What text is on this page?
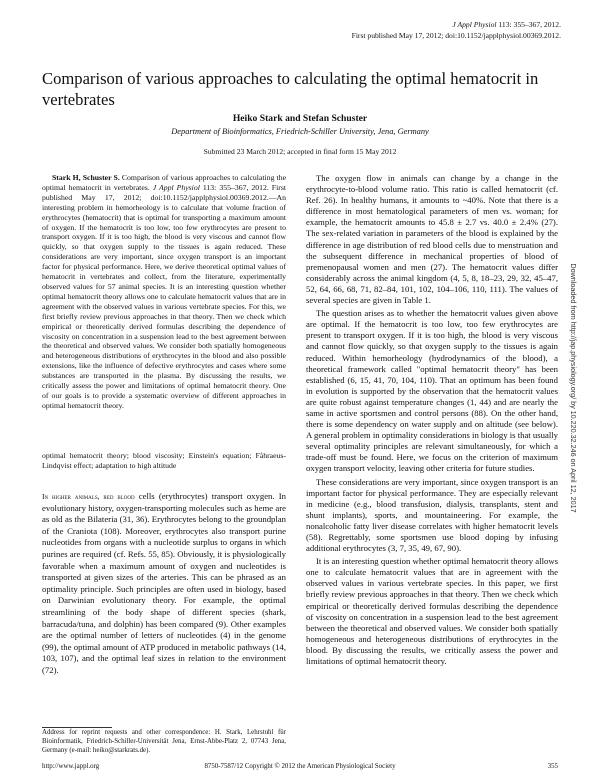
J Appl Physiol 113: 355–367, 2012.
First published May 17, 2012; doi:10.1152/japplphysiol.00369.2012.
Comparison of various approaches to calculating the optimal hematocrit in vertebrates
Heiko Stark and Stefan Schuster
Department of Bioinformatics, Friedrich-Schiller University, Jena, Germany
Submitted 23 March 2012; accepted in final form 15 May 2012

Stark H, Schuster S. Comparison of various approaches to calculating the optimal hematocrit in vertebrates. J Appl Physiol 113: 355–367, 2012. First published May 17, 2012; doi:10.1152/japplphysiol.00369.2012.—An interesting problem in hemorheology is to calculate that volume fraction of erythrocytes (hematocrit) that is optimal for transporting a maximum amount of oxygen. If the hematocrit is too low, too few erythrocytes are present to transport oxygen. If it is too high, the blood is very viscous and cannot flow quickly, so that oxygen supply to the tissues is again reduced. These considerations are very important, since oxygen transport is an important factor for physical performance. Here, we derive theoretical optimal values of hematocrit in vertebrates and collect, from the literature, experimentally observed values for 57 animal species. It is an interesting question whether optimal hematocrit theory allows one to calculate hematocrit values that are in agreement with the observed values in various vertebrate species. For this, we first briefly review previous approaches in that theory. Then we check which empirical or theoretically derived formulas describing the dependence of viscosity on concentration in a suspension lead to the best agreement between the theoretical and observed values. We consider both spatially homogeneous and heterogeneous distributions of erythrocytes in the blood and also possible extensions, like the influence of defective erythrocytes and cases where some substances are transported in the plasma. By discussing the results, we critically assess the power and limitations of optimal hematocrit theory. One of our goals is to provide a systematic overview of different approaches in optimal hematocrit theory.

optimal hematocrit theory; blood viscosity; Einstein's equation; Fåhraeus-Lindqvist effect; adaptation to high altitude

In higher animals, red blood cells (erythrocytes) transport oxygen. In evolutionary history, oxygen-transporting molecules such as heme are as old as the Bilateria (31, 36). Erythrocytes belong to the groundplan of the Craniota (108). Moreover, erythrocytes also transport purine nucleotides from organs with a nucleotide surplus to organs in which purines are required (cf. Refs. 55, 85). Obviously, it is physiologically favorable when a maximum amount of oxygen and nucleotides is transported at given sizes of the arteries. This can be phrased as an optimality principle. Such principles are often used in biology, based on Darwinian evolutionary theory. For example, the optimal streamlining of the body shape of different species (shark, barracuda/tuna, and dolphin) has been compared (9). Other examples are the optimal number of letters of nucleotides (4) in the genome (99), the optimal amount of ATP produced in metabolic pathways (14, 103, 107), and the optimal leaf sizes in relation to the environment (72).

Address for reprint requests and other correspondence: H. Stark, Lehrstuhl für Bioinformatik, Friedrich-Schiller-Universität Jena, Ernst-Abbe-Platz 2, 07743 Jena, Germany (e-mail: heiko@starkrats.de).

The oxygen flow in animals can change by a change in the erythrocyte-to-blood volume ratio. This ratio is called hematocrit (cf. Ref. 26). In healthy humans, it amounts to ~40%. Note that there is a difference in most hematological parameters of men vs. woman; for example, the hematocrit amounts to 45.8 ± 2.7 vs. 40.0 ± 2.4% (27). The sex-related variation in parameters of the blood is explained by the difference in age distribution of red blood cells due to menstruation and the subsequent difference in mechanical properties of blood of premenopausal women and men (27). The hematocrit values differ considerably across the animal kingdom (4, 5, 8, 18–23, 29, 32, 45–47, 52, 64, 66, 68, 71, 82–84, 101, 102, 104–106, 110, 111). The values of several species are given in Table 1.

The question arises as to whether the hematocrit values given above are optimal. If the hematocrit is too low, too few erythrocytes are present to transport oxygen. If it is too high, the blood is very viscous and cannot flow quickly, so that oxygen supply to the tissues is again reduced. Within hemorheology (hydrodynamics of the blood), a theoretical framework called "optimal hematocrit theory" has been established (6, 15, 41, 70, 104, 110). That an optimum has been found in evolution is supported by the observation that the hematocrit values are quite robust against temperature changes (1, 44) and are nearly the same in active sportsmen and control persons (88). On the other hand, there is some dependency on water supply and on altitude (see below). A general problem in optimality considerations in biology is that usually several optimality principles are relevant simultaneously, for which a trade-off must be found. Here, we focus on the criterion of maximum oxygen transport velocity, leaving other criteria for future studies.

These considerations are very important, since oxygen transport is an important factor for physical performance. They are especially relevant in medicine (e.g., blood transfusion, dialysis, transplants, stent and shunt implants), sports, and mountaineering. For example, the nonalcoholic fatty liver disease correlates with higher hematocrit levels (58). Regrettably, some sportsmen use blood doping by infusing additional erythrocytes (3, 7, 35, 49, 67, 90).

It is an interesting question whether optimal hematocrit theory allows one to calculate hematocrit values that are in agreement with the observed values in various vertebrate species. In this paper, we first briefly review previous approaches in that theory. Then we check which empirical or theoretically derived formulas describing the dependence of viscosity on concentration in a suspension lead to the best agreement between the theoretical and observed values. We consider both spatially homogeneous and heterogeneous distributions of erythrocytes in the blood. By discussing the results, we critically assess the power and limitations of optimal hematocrit theory.

http://www.jappl.org	8750-7587/12 Copyright © 2012 the American Physiological Society	355
Downloaded from http://jap.physiology.org/ by 10.220.32.246 on April 12, 2017
